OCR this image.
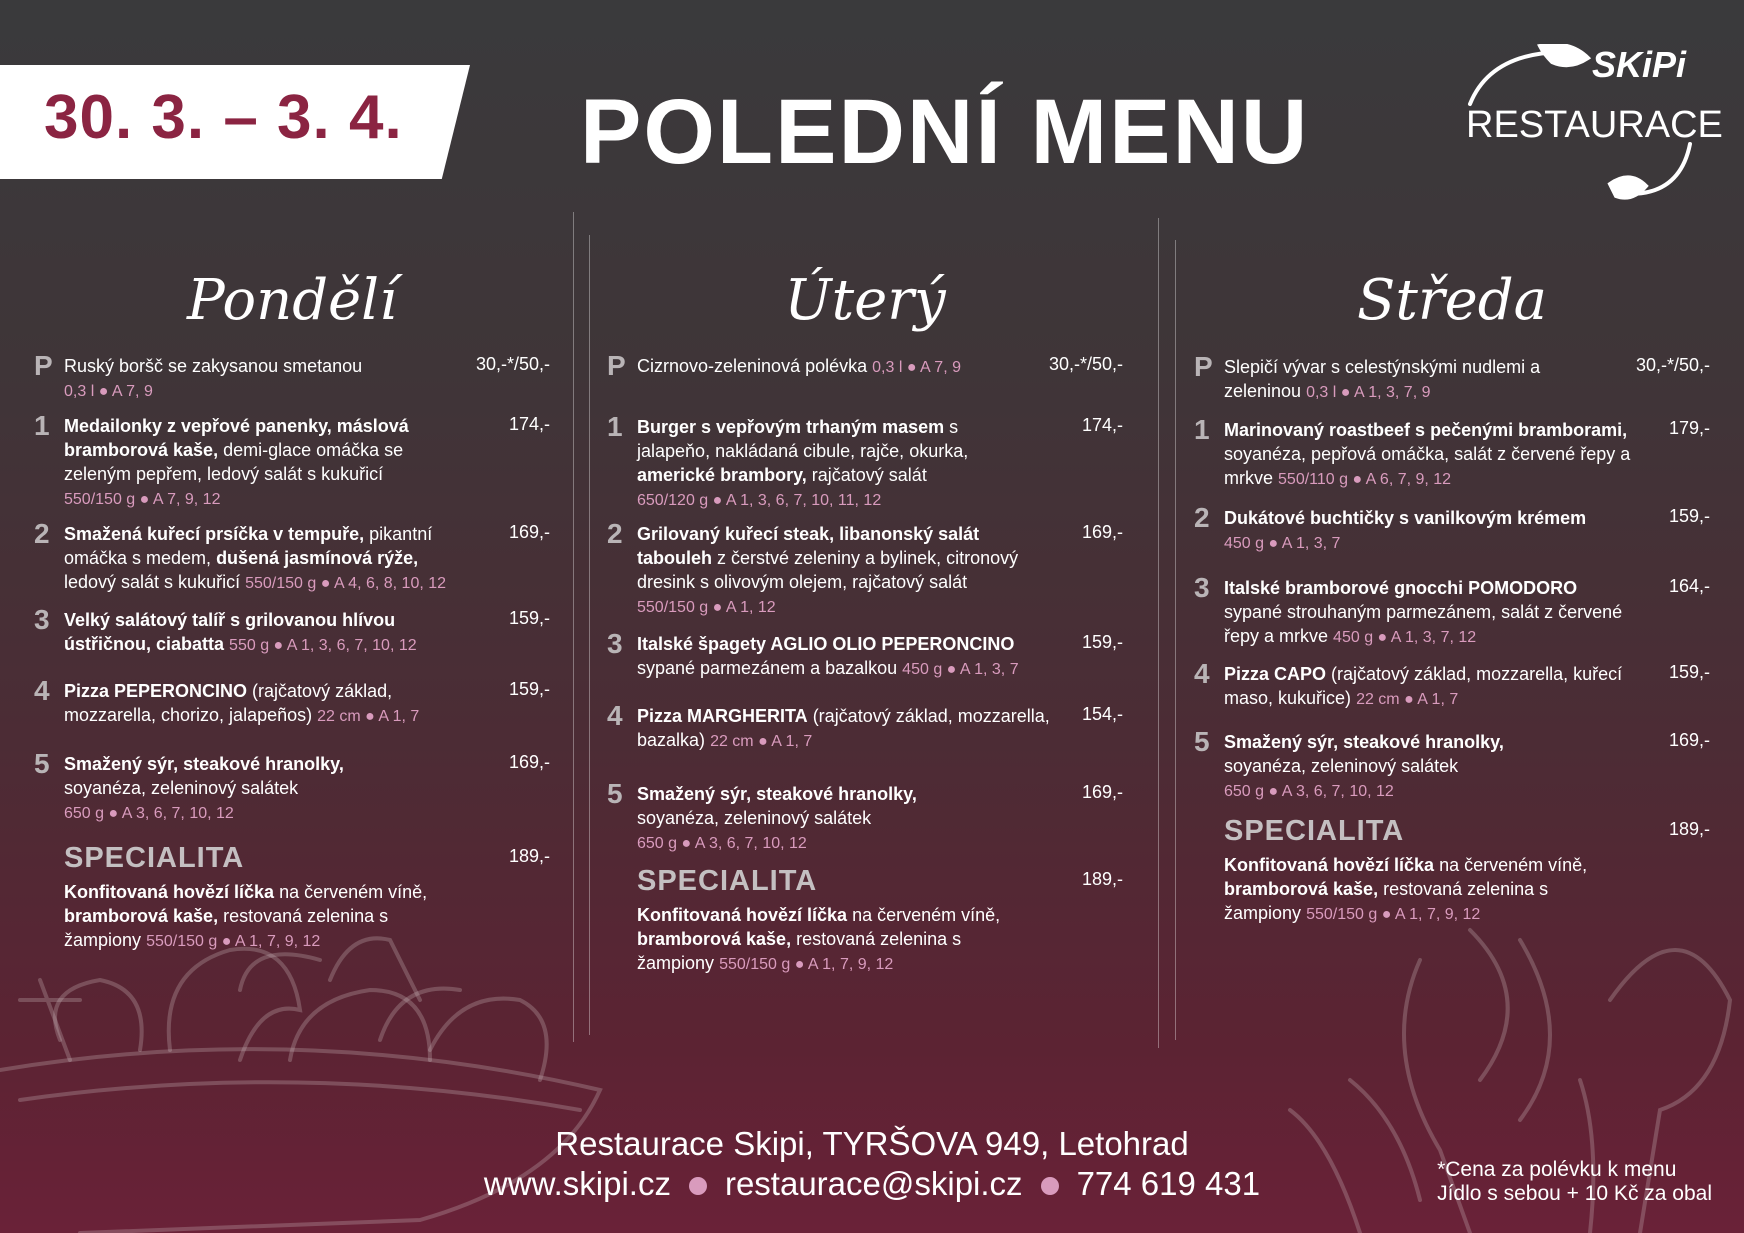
30. 3. – 3. 4. POLEDNÍ MENU
SKiPi
RESTAURACE
Pondělí
P Ruský boršč se zakysanou smetanou
0,3 l ● A 7, 9
30,-*/50,-
1 Medailonky z vepřové panenky, máslová bramborová kaše, demi-glace omáčka se zeleným pepřem, ledový salát s kukuřicí
550/150 g ● A 7, 9, 12
174,-
2 Smažená kuřecí prsíčka v tempuře, pikantní omáčka s medem, dušená jasmínová rýže, ledový salát s kukuřicí 550/150 g ● A 4, 6, 8, 10, 12
169,-
3 Velký salátový talíř s grilovanou hlívou ústřičnou, ciabatta 550 g ● A 1, 3, 6, 7, 10, 12
159,-
4 Pizza PEPERONCINO (rajčatový základ, mozzarella, chorizo, jalapeños) 22 cm ● A 1, 7
159,-
5 Smažený sýr, steakové hranolky, soyanéza, zeleninový salátek
650 g ● A 3, 6, 7, 10, 12
169,-
SPECIALITA
Konfitovaná hovězí líčka na červeném víně, bramborová kaše, restovaná zelenina s žampiony 550/150 g ● A 1, 7, 9, 12
189,-
Úterý
P Cizrnovo-zeleninová polévka 0,3 l ● A 7, 9	30,-*/50,-
1 Burger s vepřovým trhaným masem s jalapeňo, nakládaná cibule, rajče, okurka, americké brambory, rajčatový salát
650/120 g ● A 1, 3, 6, 7, 10, 11, 12
174,-
2 Grilovaný kuřecí steak, libanonský salát tabouleh z čerstvé zeleniny a bylinek, citronový dresink s olivovým olejem, rajčatový salát
550/150 g ● A 1, 12
169,-
3 Italské špagety AGLIO OLIO PEPERONCINO
sypané parmezánem a bazalkou 450 g ● A 1, 3, 7
159,-
4 Pizza MARGHERITA (rajčatový základ, mozzarella, bazalka) 22 cm ● A 1, 7
154,-
5 Smažený sýr, steakové hranolky, soyanéza, zeleninový salátek
650 g ● A 3, 6, 7, 10, 12
169,-
SPECIALITA
Konfitovaná hovězí líčka na červeném víně, bramborová kaše, restovaná zelenina s žampiony 550/150 g ● A 1, 7, 9, 12
189,-
Středa
P Slepičí vývar s celestýnskými nudlemi a zeleninou 0,3 l ● A 1, 3, 7, 9
30,-*/50,-
1 Marinovaný roastbeef s pečenými bramborami, soyanéza, pepřová omáčka, salát z červené řepy a mrkve 550/110 g ● A 6, 7, 9, 12
179,-
2 Dukátové buchtičky s vanilkovým krémem
450 g ● A 1, 3, 7
159,-
3 Italské bramborové gnocchi POMODORO sypané strouhaným parmezánem, salát z červené řepy a mrkve 450 g ● A 1, 3, 7, 12
164,-
4 Pizza CAPO (rajčatový základ, mozzarella, kuřecí maso, kukuřice) 22 cm ● A 1, 7
159,-
5 Smažený sýr, steakové hranolky, soyanéza, zeleninový salátek
650 g ● A 3, 6, 7, 10, 12
169,-
SPECIALITA
Konfitovaná hovězí líčka na červeném víně, bramborová kaše, restovaná zelenina s žampiony 550/150 g ● A 1, 7, 9, 12
189,-
Restaurace Skipi, TYRŠOVA 949, Letohrad
www.skipi.cz restaurace@skipi.cz 774 619 431	*Cena za polévku k menu
Jídlo s sebou + 10 Kč za obal
